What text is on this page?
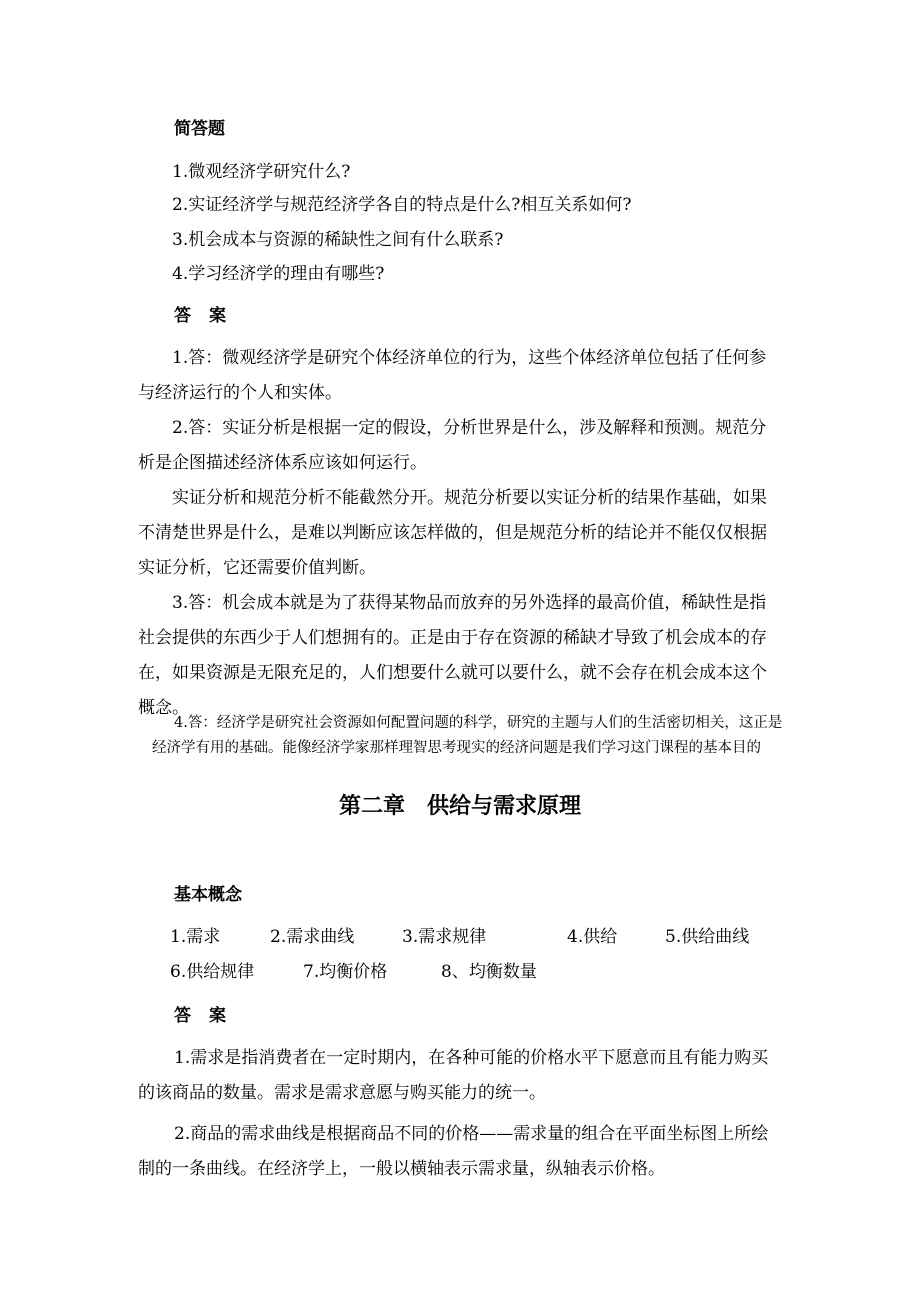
简答题
1.微观经济学研究什么?
2.实证经济学与规范经济学各自的特点是什么?相互关系如何?
3.机会成本与资源的稀缺性之间有什么联系?
4.学习经济学的理由有哪些?
答案

1.答：微观经济学是研究个体经济单位的行为，这些个体经济单位包括了任何参与经济运行的个人和实体。

2.答：实证分析是根据一定的假设，分析世界是什么，涉及解释和预测。规范分析是企图描述经济体系应该如何运行。

实证分析和规范分析不能截然分开。规范分析要以实证分析的结果作基础，如果不清楚世界是什么，是难以判断应该怎样做的，但是规范分析的结论并不能仅仅根据实证分析，它还需要价值判断。

3.答：机会成本就是为了获得某物品而放弃的另外选择的最高价值，稀缺性是指社会提供的东西少于人们想拥有的。正是由于存在资源的稀缺才导致了机会成本的存在，如果资源是无限充足的，人们想要什么就可以要什么，就不会存在机会成本这个概念。

4.答：经济学是研究社会资源如何配置问题的科学，研究的主题与人们的生活密切相关，这正是经济学有用的基础。能像经济学家那样理智思考现实的经济问题是我们学习这门课程的基本目的

第二章　供给与需求原理
基本概念
1.需求	2.需求曲线	3.需求规律	4.供给	5.供给曲线
6.供给规律	7.均衡价格	8、均衡数量
答案

1.需求是指消费者在一定时期内，在各种可能的价格水平下愿意而且有能力购买的该商品的数量。需求是需求意愿与购买能力的统一。

2.商品的需求曲线是根据商品不同的价格——需求量的组合在平面坐标图上所绘制的一条曲线。在经济学上，一般以横轴表示需求量，纵轴表示价格。
